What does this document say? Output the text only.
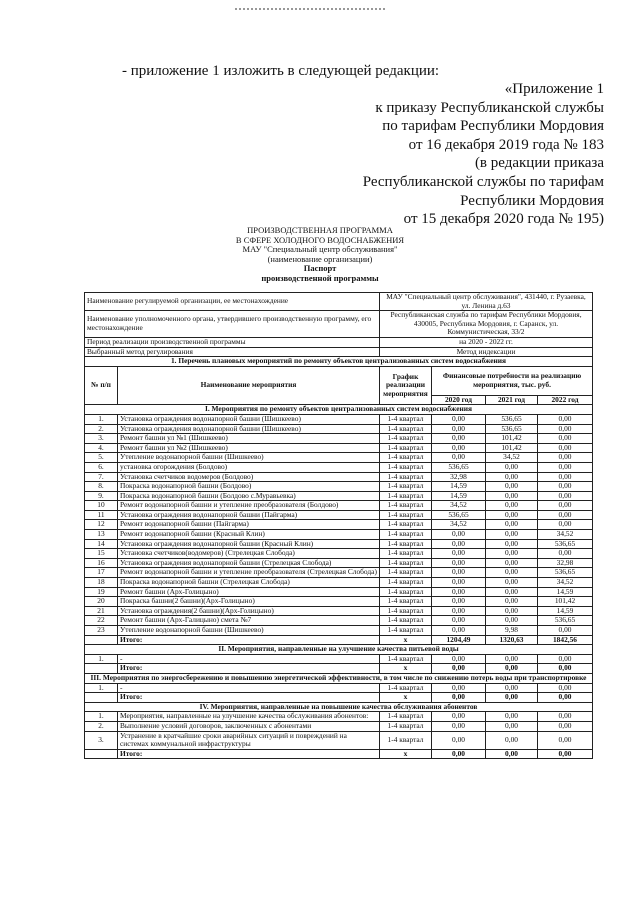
- приложение 1 изложить в следующей редакции:
«Приложение 1
к приказу Республиканской службы
по тарифам Республики Мордовия
от 16 декабря 2019 года № 183
(в редакции приказа
Республиканской службы по тарифам
Республики Мордовия
от 15 декабря 2020 года № 195)
ПРОИЗВОДСТВЕННАЯ ПРОГРАММА
В СФЕРЕ ХОЛОДНОГО ВОДОСНАБЖЕНИЯ
МАУ "Специальный центр обслуживания"
(наименование организации)
Паспорт
производственной программы
Наименование регулируемой организации, ее местонахождение		МАУ "Специальный центр обслуживания", 431440, г. Рузаевка, ул. Ленина д.63			
Наименование уполномоченного органа, утвердившего производственную программу, его местонахождение		Республиканская служба по тарифам Республики Мордовия, 430005, Республика Мордовия, г. Саранск, ул. Коммунистическая, 33/2			
Период реализации производственной программы		на 2020 - 2022 гг.			
Выбранный метод регулирования		Метод индексации			
1. Перечень плановых мероприятий по ремонту объектов централизованных систем водоснабжения					
№ п/п	Наименование мероприятия	График реализации мероприятия	Финансовые потребности на реализацию мероприятия, тыс. руб.		
			2020 год	2021 год	2022 год
I. Мероприятия по ремонту объектов централизованных систем водоснабжения					
1.	Установка ограждения водонапорной башни (Шишкеево)	1-4 квартал	0,00	536,65	0,00
2.	Установка ограждения водонапорной башни (Шишкеево)	1-4 квартал	0,00	536,65	0,00
3.	Ремонт башни ул №1 (Шишкеево)	1-4 квартал	0,00	101,42	0,00
4.	Ремонт башни ул №2 (Шишкеево)	1-4 квартал	0,00	101,42	0,00
5.	Утепление водонапорной башни (Шишкеево)	1-4 квартал	0,00	34,52	0,00
6.	установка огорождения (Болдово)	1-4 квартал	536,65	0,00	0,00
7.	Установка счетчиков водомеров (Болдово)	1-4 квартал	32,98	0,00	0,00
8.	Покраска водонапорной башни (Болдово)	1-4 квартал	14,59	0,00	0,00
9.	Покраска водонапорной башни (Болдово с.Муравьевка)	1-4 квартал	14,59	0,00	0,00
10	Ремонт водонапорной башни и утепление преобразователя (Болдово)	1-4 квартал	34,52	0,00	0,00
11	Установка ограждения водонапорной башни (Пайгарма)	1-4 квартал	536,65	0,00	0,00
12	Ремонт водонапорной башни (Пайгарма)	1-4 квартал	34,52	0,00	0,00
13	Ремонт водонапорной башни (Красный Клин)	1-4 квартал	0,00	0,00	34,52
14	Установка ограждения водонапорной башни (Красный Клин)	1-4 квартал	0,00	0,00	536,65
15	Установка счетчиков(водомеров) (Стрелецкая Слобода)	1-4 квартал	0,00	0,00	0,00
16	Установка ограждения водонапорной башни (Стрелецкая Слобода)	1-4 квартал	0,00	0,00	32,98
17	Ремонт водонапорной башни и утепление преобразователя (Стрелецкая Слобода)	1-4 квартал	0,00	0,00	536,65
18	Покраска водонапорной башни (Стрелецкая Слобода)	1-4 квартал	0,00	0,00	34,52
19	Ремонт башни (Арх-Голицыно)	1-4 квартал	0,00	0,00	14,59
20	Покраска башни(2 башни)(Арх-Голицыно)	1-4 квартал	0,00	0,00	101,42
21	Установка ограждения(2 башни)(Арх-Голицыно)	1-4 квартал	0,00	0,00	14,59
22	Ремонт башни (Арх-Галицыно) смета №7	1-4 квартал	0,00	0,00	536,65
23	Утепление водонапорной башни (Шишкеево)	1-4 квартал	0,00	9,98	0,00
	Итого:	х	1204,49	1320,63	1842,56
II. Мероприятия, направленные на улучшение качества питьевой воды					
1.	-	1-4 квартал	0,00	0,00	0,00
	Итого:	х	0,00	0,00	0,00
III. Мероприятия по энергосбережению и повышению энергетической эффективности, в том числе по снижению потерь воды при транспортировке					
1.	-	1-4 квартал	0,00	0,00	0,00
	Итого:	х	0,00	0,00	0,00
IV. Мероприятия, направленные на повышение качества обслуживания абонентов					
1.	Мероприятия, направленные на улучшение качества обслуживания абонентов:	1-4 квартал	0,00	0,00	0,00
2.	Выполнение условий договоров, заключенных с абонентами	1-4 квартал	0,00	0,00	0,00
3.	Устранение в кратчайшие сроки аварийных ситуаций и повреждений на системах коммунальной инфраструктуры	1-4 квартал	0,00	0,00	0,00
	Итого:	х	0,00	0,00	0,00
